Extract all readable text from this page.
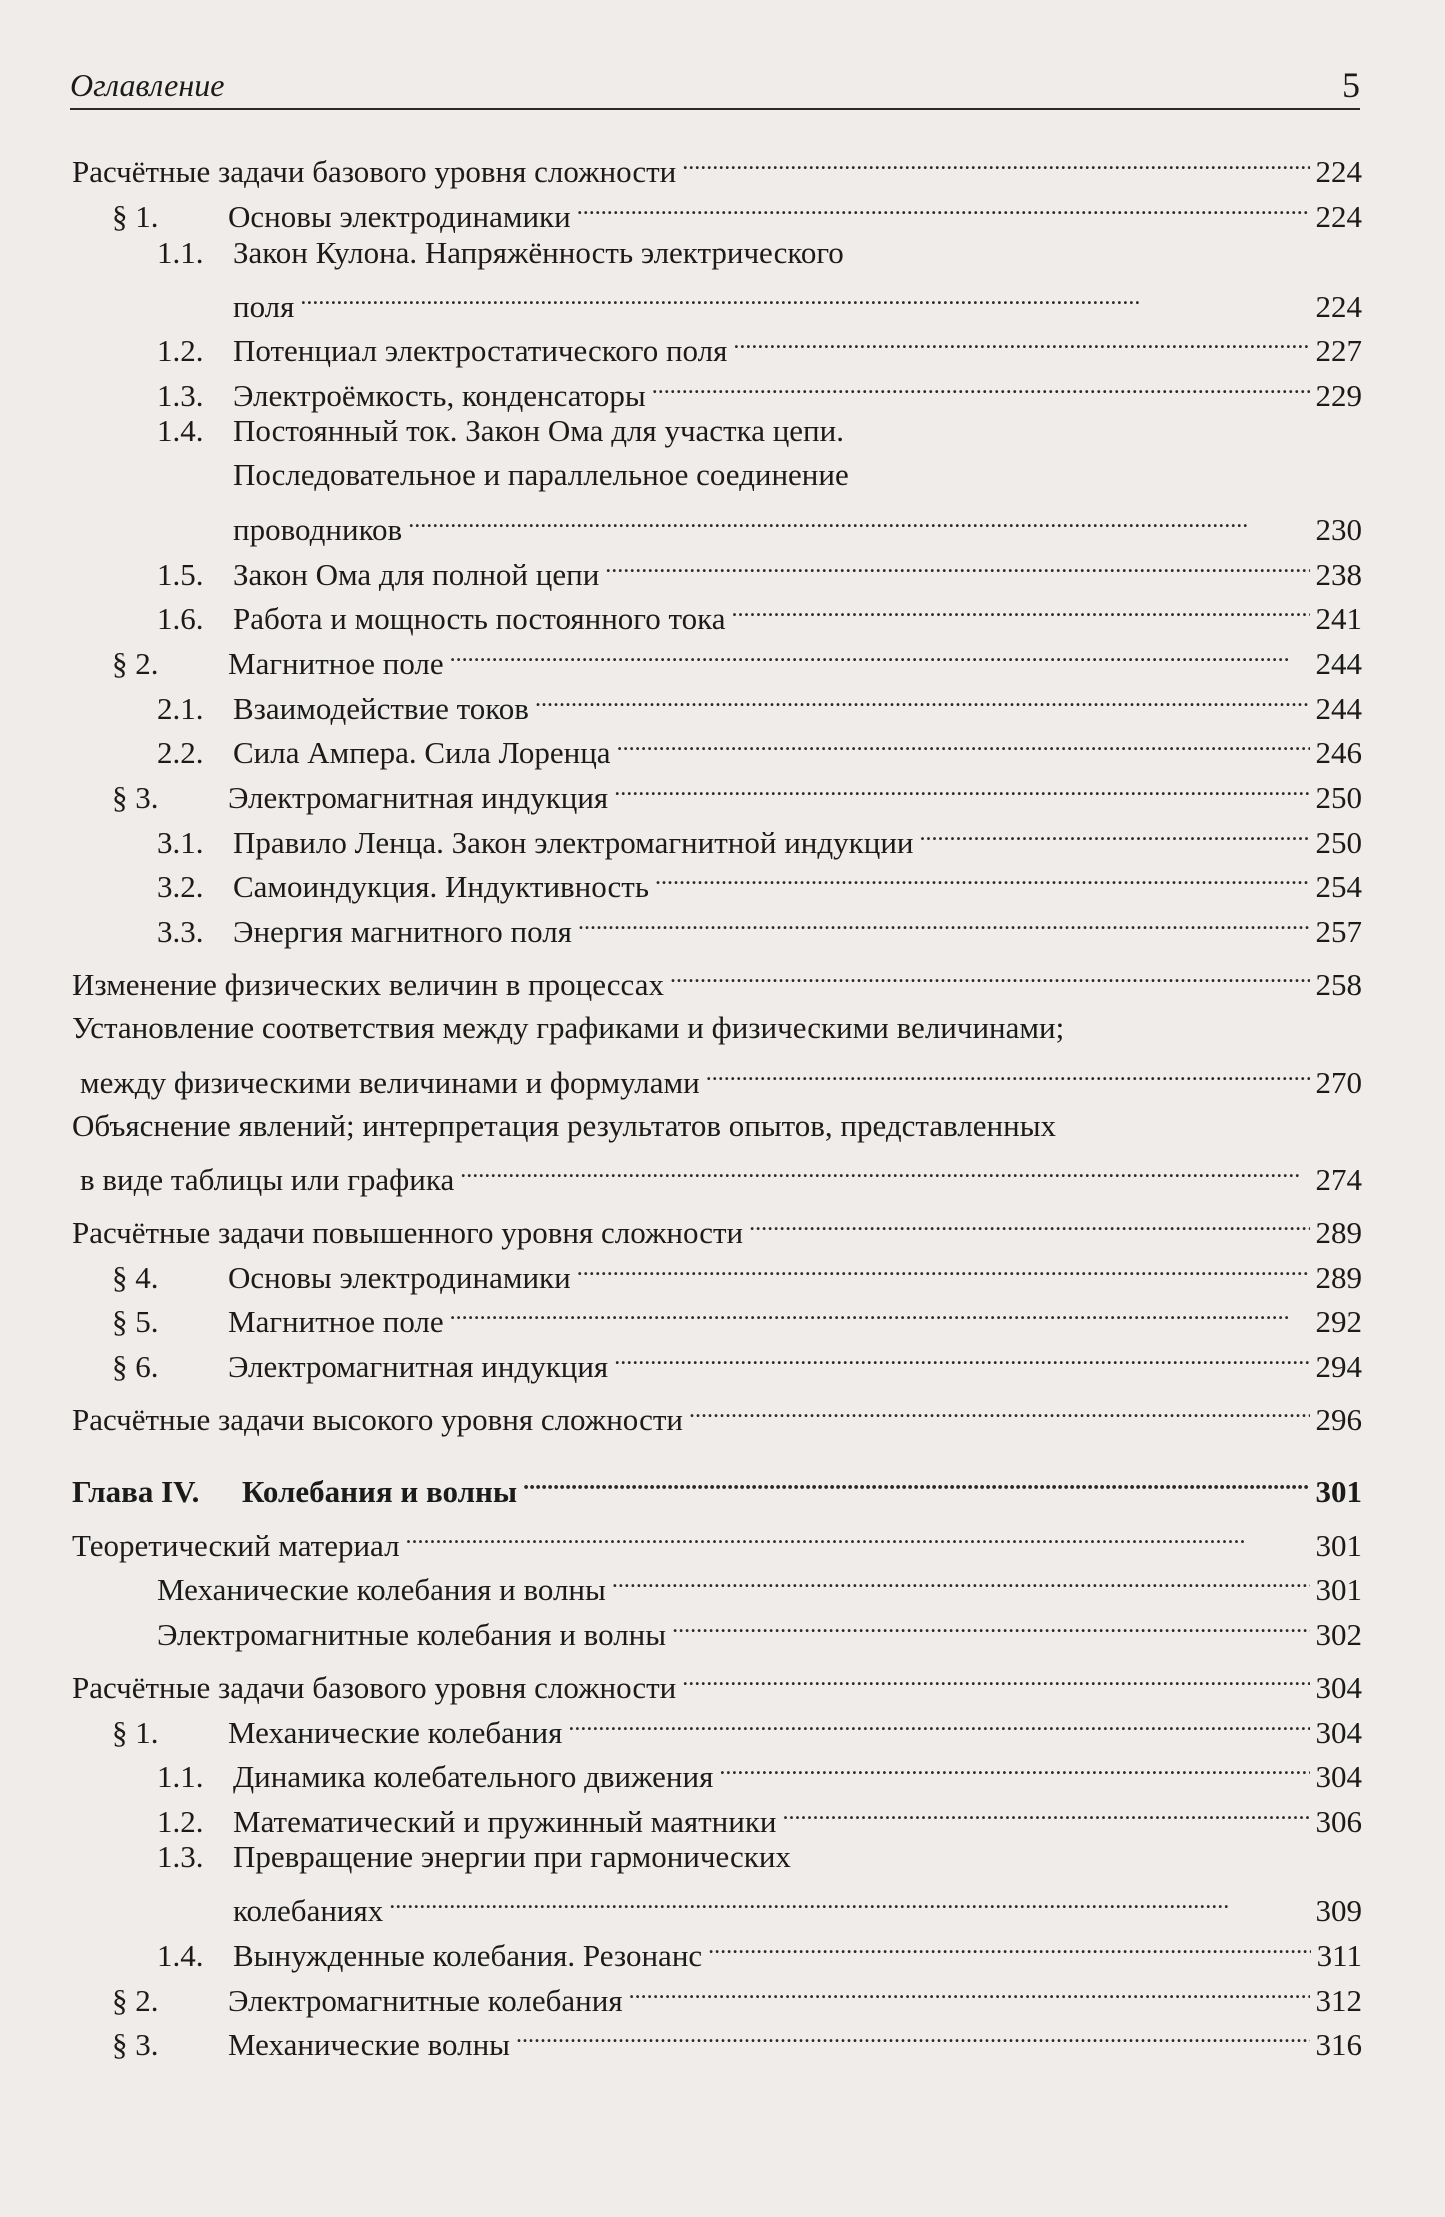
Оглавление	5
Расчётные задачи базового уровня сложности . . .	224
§ 1.	Основы электродинамики . . .	224
1.1. Закон Кулона. Напряжённость электрического
поля . . .	224
1.2. Потенциал электростатического поля . . .	227
1.3. Электроёмкость, конденсаторы . . .	229
1.4. Постоянный ток. Закон Ома для участка цепи.
Последовательное и параллельное соединение
проводников . . .	230
1.5. Закон Ома для полной цепи . . .	238
1.6. Работа и мощность постоянного тока . . .	241
§ 2.	Магнитное поле . . .	244
2.1. Взаимодействие токов . . .	244
2.2. Сила Ампера. Сила Лоренца . . .	246
§ 3.	Электромагнитная индукция . . .	250
3.1. Правило Ленца. Закон электромагнитной индукции . . .	250
3.2. Самоиндукция. Индуктивность . . .	254
3.3. Энергия магнитного поля . . .	257
Изменение физических величин в процессах . . .	258
Установление соответствия между графиками и физическими величинами;
между физическими величинами и формулами . . .	270
Объяснение явлений; интерпретация результатов опытов, представленных
в виде таблицы или графика . . .	274
Расчётные задачи повышенного уровня сложности . . .	289
§ 4.	Основы электродинамики . . .	289
§ 5.	Магнитное поле . . .	292
§ 6.	Электромагнитная индукция . . .	294
Расчётные задачи высокого уровня сложности . . .	296
Глава IV.	Колебания и волны . . .	301
Теоретический материал . . .	301
Механические колебания и волны . . .	301
Электромагнитные колебания и волны . . .	302
Расчётные задачи базового уровня сложности . . .	304
§ 1.	Механические колебания . . .	304
1.1. Динамика колебательного движения . . .	304
1.2. Математический и пружинный маятники . . .	306
1.3. Превращение энергии при гармонических
колебаниях . . .	309
1.4. Вынужденные колебания. Резонанс . . .	311
§ 2.	Электромагнитные колебания . . .	312
§ 3.	Механические волны . . .	316
